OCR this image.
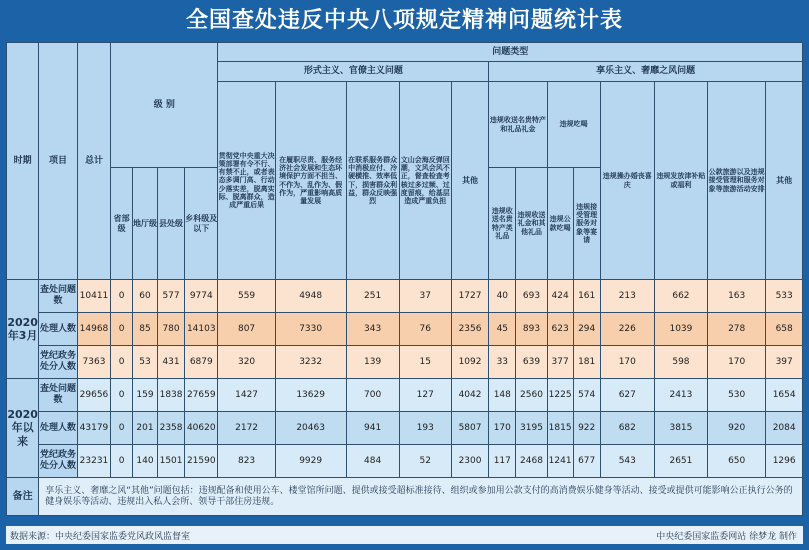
全国查处违反中央八项规定精神问题统计表
时期	项目	总计	级 别				问题类型												
							形式主义、官僚主义问题					享乐主义、奢靡之风问题							
							贯彻党中央重大决策部署有令不行、有禁不止，或者表态多调门高、行动少落实差，脱离实际、脱离群众，造成严重后果	在履职尽责、服务经济社会发展和生态环境保护方面不担当、不作为、乱作为、假作为，严重影响高质量发展	在联系服务群众中消极应付、冷硬横推、效率低下，损害群众利益，群众反映强烈	文山会海反弹回潮，文风会风不正，督查检查考核过多过频、过度留痕，给基层造成严重负担	其他	违规收送名贵特产和礼品礼金		违规吃喝		违规操办婚丧喜庆	违规发放津补贴或福利	公款旅游以及违规接受管理和服务对象等旅游活动安排	其他
			省部级	地厅级	县处级	乡科级及以下						违规收送名贵特产类礼品	违规收送礼金和其他礼品	违规公款吃喝	违规接受管理服务对象等宴请				
2020年3月	查处问题数	10411	0	60	577	9774	559	4948	251	37	1727	40	693	424	161	213	662	163	533
	处理人数	14968	0	85	780	14103	807	7330	343	76	2356	45	893	623	294	226	1039	278	658
	党纪政务处分人数	7363	0	53	431	6879	320	3232	139	15	1092	33	639	377	181	170	598	170	397
2020年以来	查处问题数	29656	0	159	1838	27659	1427	13629	700	127	4042	148	2560	1225	574	627	2413	530	1654
	处理人数	43179	0	201	2358	40620	2172	20463	941	193	5807	170	3195	1815	922	682	3815	920	2084
	党纪政务处分人数	23231	0	140	1501	21590	823	9929	484	52	2300	117	2468	1241	677	543	2651	650	1296
备注	享乐主义、奢靡之风“其他”问题包括：违规配备和使用公车、楼堂馆所问题、提供或接受超标准接待、组织或参加用公款支付的高消费娱乐健身等活动、接受或提供可能影响公正执行公务的健身娱乐等活动、违规出入私人会所、领导干部住房违规。																		
数据来源：中央纪委国家监委党风政风监督室	中央纪委国家监委网站 徐梦龙 制作
